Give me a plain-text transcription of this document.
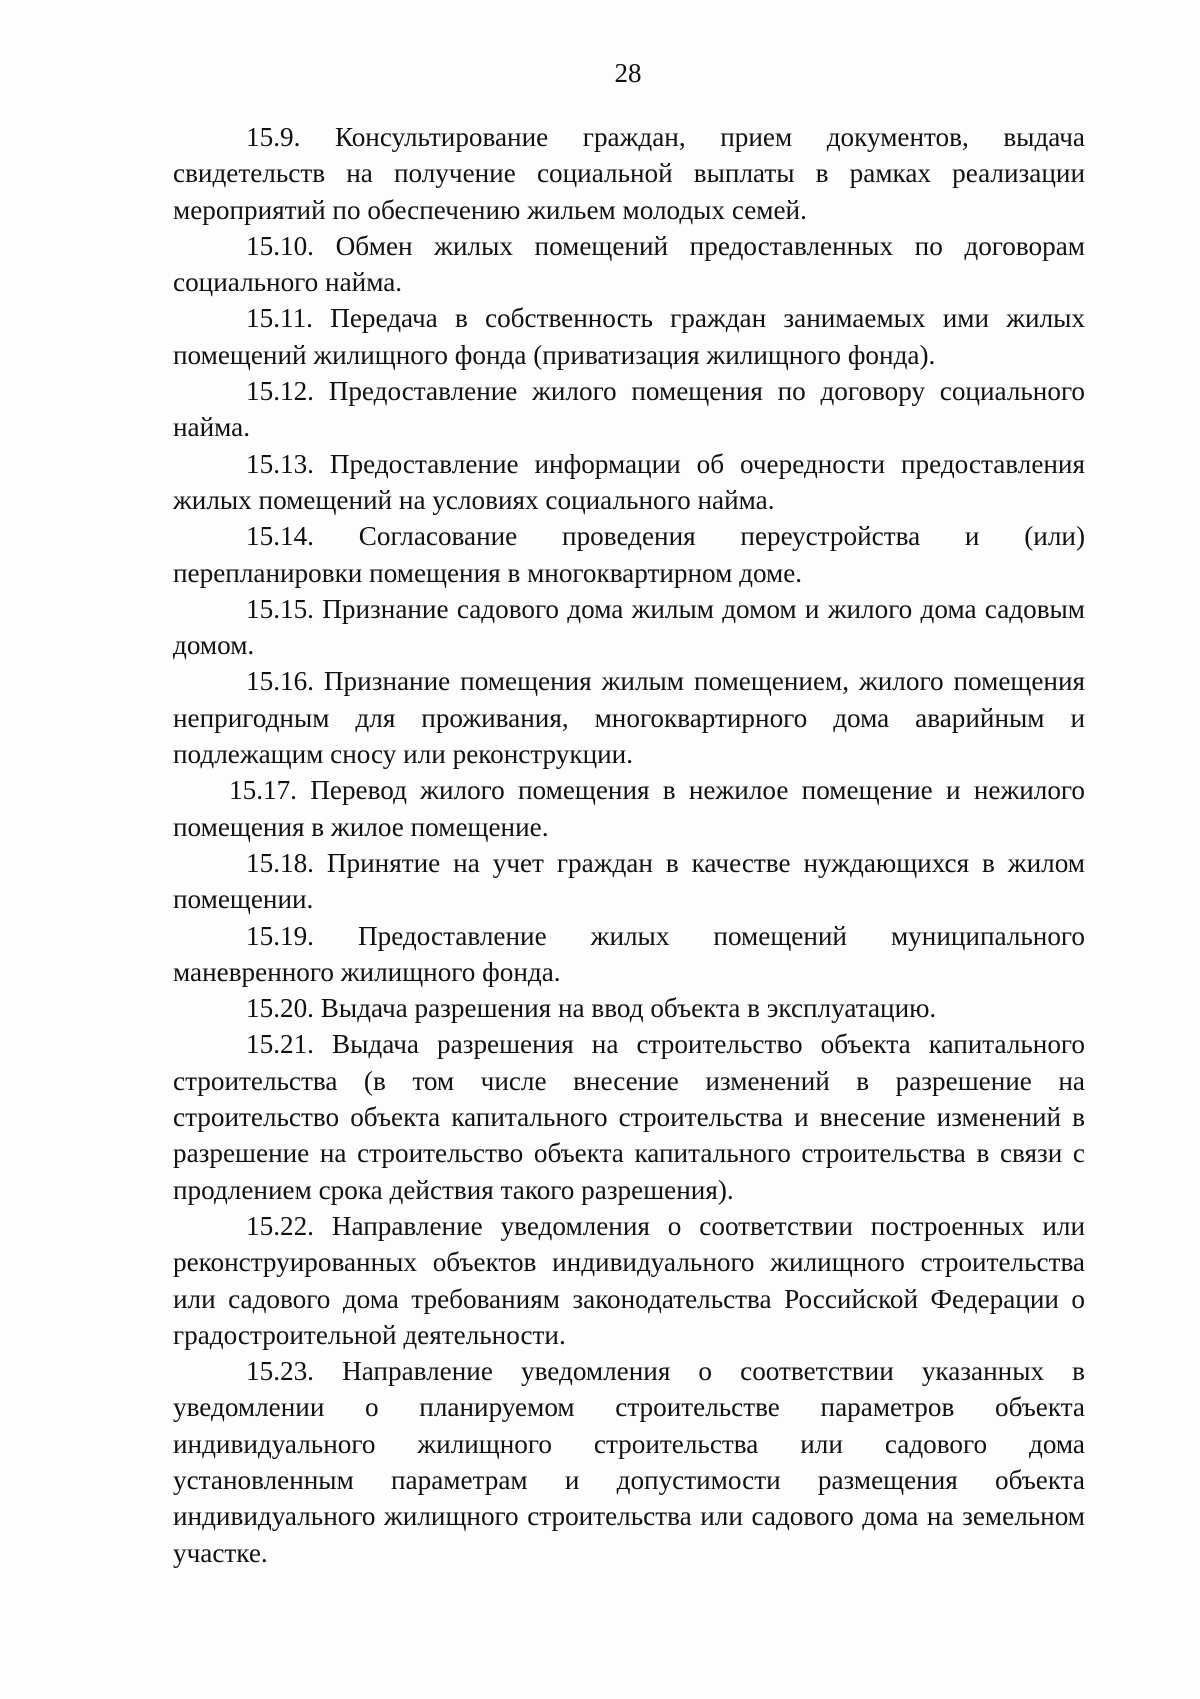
28

15.9. Консультирование граждан, прием документов, выдача свидетельств на получение социальной выплаты в рамках реализации мероприятий по обеспечению жильем молодых семей.

15.10. Обмен жилых помещений предоставленных по договорам социального найма.

15.11. Передача в собственность граждан занимаемых ими жилых помещений жилищного фонда (приватизация жилищного фонда).

15.12. Предоставление жилого помещения по договору социального найма.

15.13. Предоставление информации об очередности предоставления жилых помещений на условиях социального найма.

15.14. Согласование проведения переустройства и (или) перепланировки помещения в многоквартирном доме.

15.15. Признание садового дома жилым домом и жилого дома садовым домом.

15.16. Признание помещения жилым помещением, жилого помещения непригодным для проживания, многоквартирного дома аварийным и подлежащим сносу или реконструкции.

15.17. Перевод жилого помещения в нежилое помещение и нежилого помещения в жилое помещение.

15.18. Принятие на учет граждан в качестве нуждающихся в жилом помещении.

15.19. Предоставление жилых помещений муниципального маневренного жилищного фонда.

15.20. Выдача разрешения на ввод объекта в эксплуатацию.

15.21. Выдача разрешения на строительство объекта капитального строительства (в том числе внесение изменений в разрешение на строительство объекта капитального строительства и внесение изменений в разрешение на строительство объекта капитального строительства в связи с продлением срока действия такого разрешения).

15.22. Направление уведомления о соответствии построенных или реконструированных объектов индивидуального жилищного строительства или садового дома требованиям законодательства Российской Федерации о градостроительной деятельности.

15.23. Направление уведомления о соответствии указанных в уведомлении о планируемом строительстве параметров объекта индивидуального жилищного строительства или садового дома установленным параметрам и допустимости размещения объекта индивидуального жилищного строительства или садового дома на земельном участке.
